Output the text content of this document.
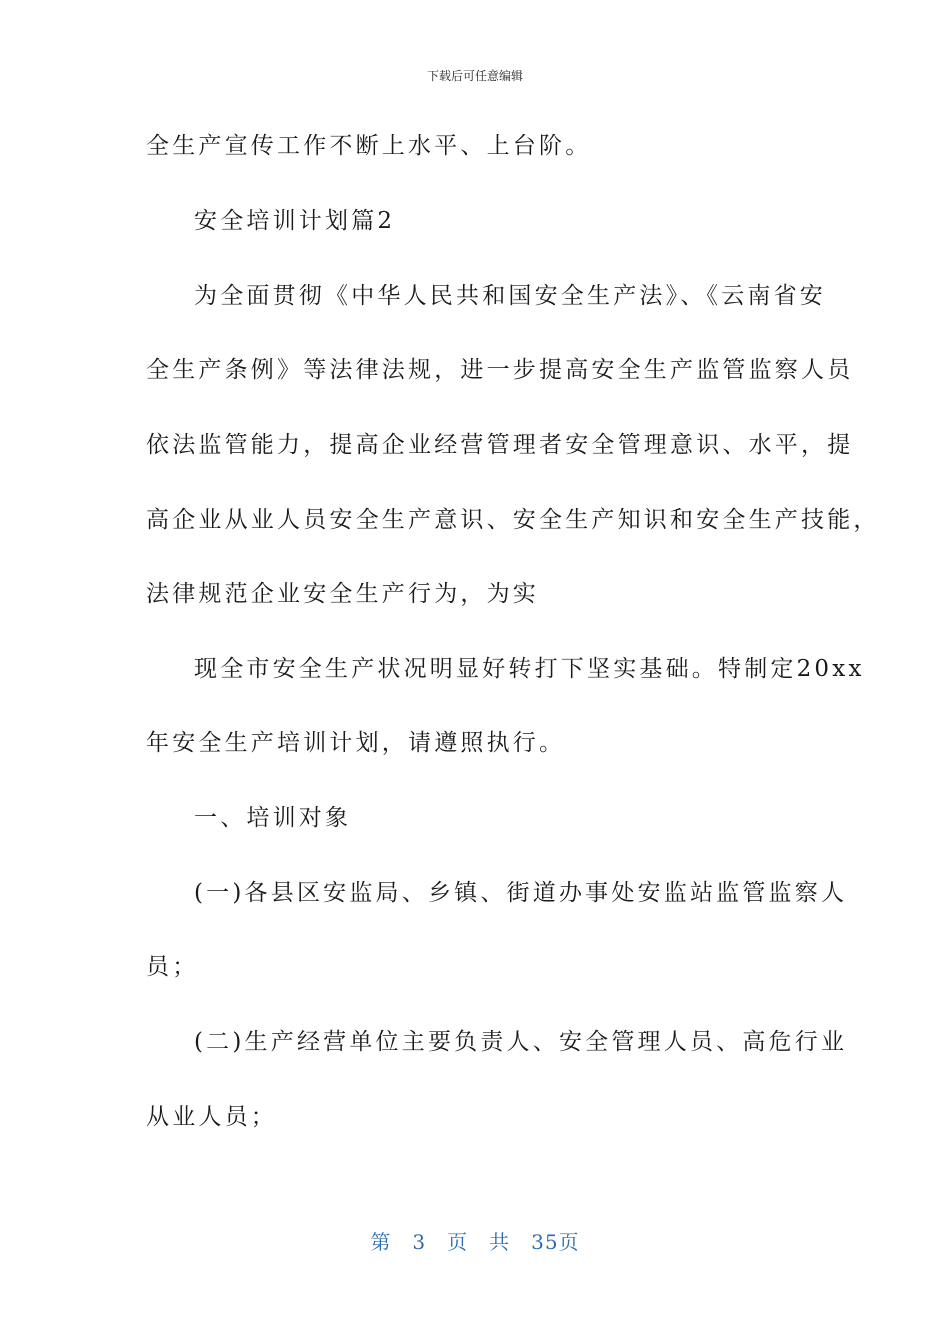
下载后可任意编辑
全生产宣传工作不断上水平、上台阶。
安全培训计划篇2
为全面贯彻《中华人民共和国安全生产法》、《云南省安
全生产条例》等法律法规，进一步提高安全生产监管监察人员
依法监管能力，提高企业经营管理者安全管理意识、水平，提
高企业从业人员安全生产意识、安全生产知识和安全生产技能，
法律规范企业安全生产行为，为实
现全市安全生产状况明显好转打下坚实基础。特制定20xx
年安全生产培训计划，请遵照执行。
一、培训对象
(一)各县区安监局、乡镇、街道办事处安监站监管监察人
员；
(二)生产经营单位主要负责人、安全管理人员、高危行业
从业人员；
第　3　页　共　35页
